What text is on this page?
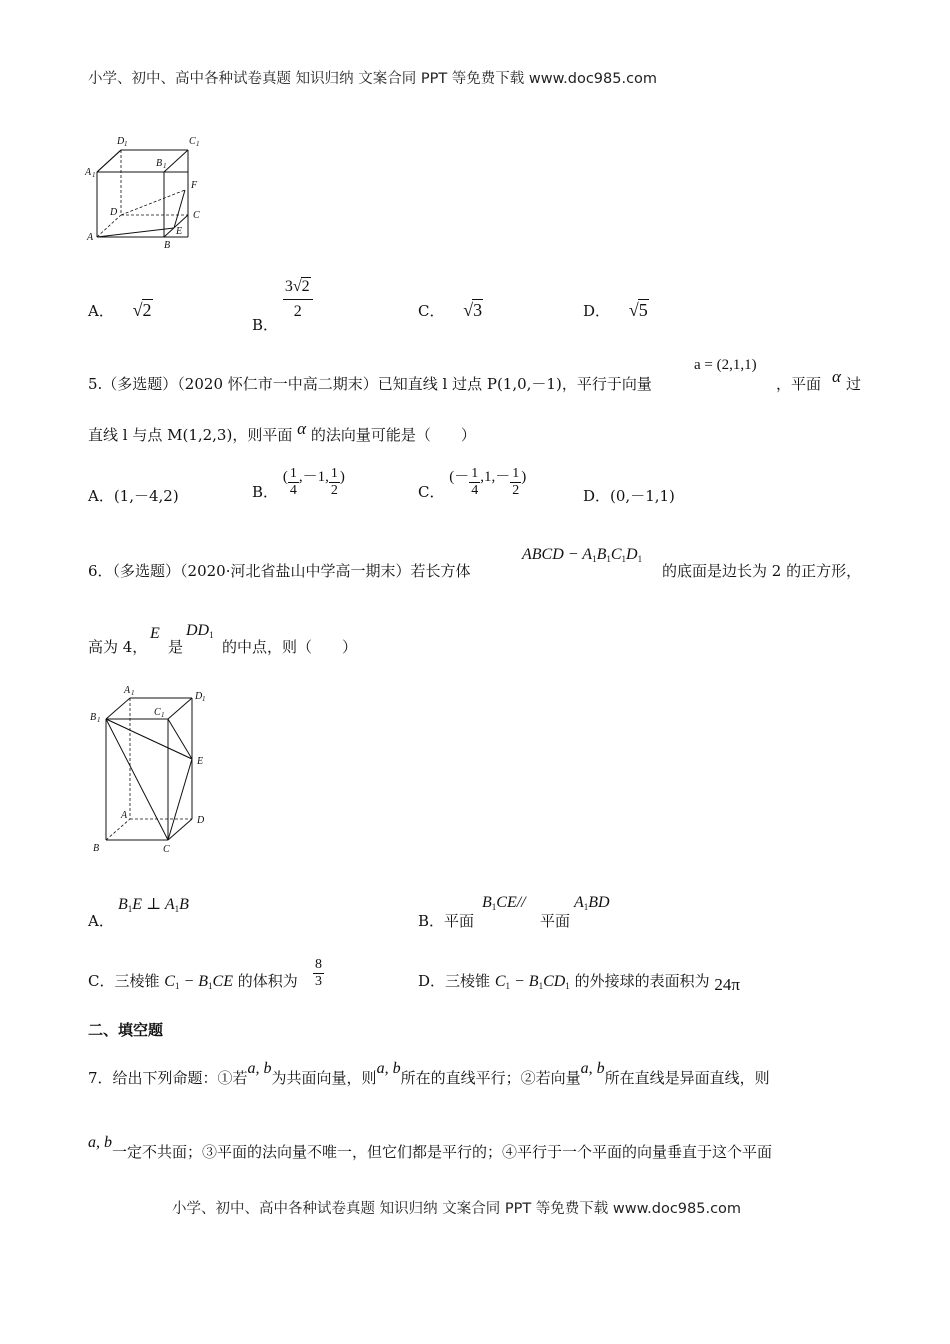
小学、初中、高中各种试卷真题 知识归纳 文案合同 PPT 等免费下载 www.doc985.com
D 1	C 1
A 1
B 1
F
D	C
A
E
B
A． √2
B．
$\frac{3√2}{2}$	C． √3	D． √5
5.（多选题）（2020 怀仁市一中高二期末）已知直线 l 过点 P(1,0,－1)，平行于向量
a = (2,1,1)
，平面 α 过
直线 l 与点 M(1,2,3)，则平面 α 的法向量可能是（　　）
A．(1,－4,2)	B． ( $\frac{1}{4} ,-1$, $\frac{1}{2}$ )
C． (－ $\frac{1}{4} ,1,- \frac{1}{2}$ )
D．(0,－1,1)
6．（多选题）（2020·河北省盐山中学高一期末）若长方体
ABCD − $A_1B_1C_1D_1$
的底面是边长为 2 的正方形，
高为 4，
E
是
$DD_1$
的中点，则（　　）
A 1	D 1
B 1
C 1
E
A	D
B	C
A．
$B_1E$ ⊥ $A_1B$
B．平面
$B_1CE//$
平面
$A_1BD$
C．三棱锥 $C_1 - B_1CE$ 的体积为 $\frac{8}{3}$	D．三棱锥 $C_1 - B_1CD_1$ 的外接球的表面积为 24π
二、填空题
7．给出下列命题：①若a, b为共面向量，则a, b所在的直线平行；②若向量a, b所在直线是异面直线，则
a, b一定不共面；③平面的法向量不唯一，但它们都是平行的；④平行于一个平面的向量垂直于这个平面
小学、初中、高中各种试卷真题 知识归纳 文案合同 PPT 等免费下载 www.doc985.com
